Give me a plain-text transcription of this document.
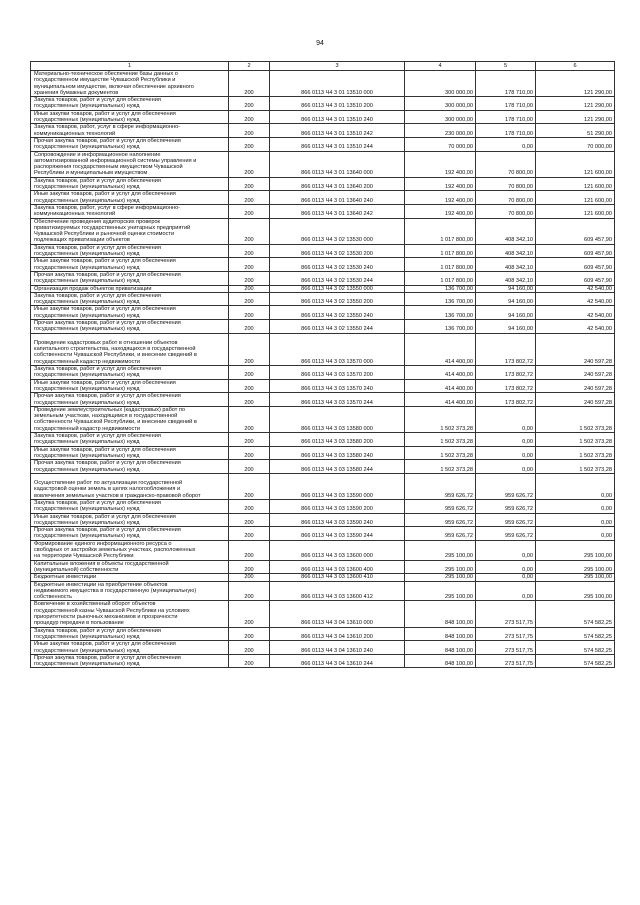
94
1	2	3	4	5	6
Материально-техническое обеспечение базы данных о
государственном имуществе Чувашской Республики и
муниципальном имуществе, включая обеспечение архивного
хранения бумажных документов	200	866 0113 Ч4 3 01 13510 000	300 000,00	178 710,00	121 290,00
Закупка товаров, работ и услуг для обеспечения
государственных (муниципальных) нужд	200	866 0113 Ч4 3 01 13510 200	300 000,00	178 710,00	121 290,00
Иные закупки товаров, работ и услуг для обеспечения
государственных (муниципальных) нужд	200	866 0113 Ч4 3 01 13510 240	300 000,00	178 710,00	121 290,00
Закупка товаров, работ, услуг в сфере информационно-
коммуникационных технологий	200	866 0113 Ч4 3 01 13510 242	230 000,00	178 710,00	51 290,00
Прочая закупка товаров, работ и услуг для обеспечения
государственных (муниципальных) нужд	200	866 0113 Ч4 3 01 13510 244	70 000,00	0,00	70 000,00
Сопровождение и информационное наполнение
автоматизированной информационной системы управления и
распоряжения государственным имуществом Чувашской
Республики и муниципальным имуществом	200	866 0113 Ч4 3 01 13640 000	192 400,00	70 800,00	121 600,00
Закупка товаров, работ и услуг для обеспечения
государственных (муниципальных) нужд	200	866 0113 Ч4 3 01 13640 200	192 400,00	70 800,00	121 600,00
Иные закупки товаров, работ и услуг для обеспечения
государственных (муниципальных) нужд	200	866 0113 Ч4 3 01 13640 240	192 400,00	70 800,00	121 600,00
Закупка товаров, работ, услуг в сфере информационно-
коммуникационных технологий	200	866 0113 Ч4 3 01 13640 242	192 400,00	70 800,00	121 600,00
Обеспечение проведения аудиторских проверок
приватизируемых государственных унитарных предприятий
Чувашской Республики и рыночной оценки стоимости
подлежащих приватизации объектов	200	866 0113 Ч4 3 02 13530 000	1 017 800,00	408 342,10	609 457,90
Закупка товаров, работ и услуг для обеспечения
государственных (муниципальных) нужд	200	866 0113 Ч4 3 02 13530 200	1 017 800,00	408 342,10	609 457,90
Иные закупки товаров, работ и услуг для обеспечения
государственных (муниципальных) нужд	200	866 0113 Ч4 3 02 13530 240	1 017 800,00	408 342,10	609 457,90
Прочая закупка товаров, работ и услуг для обеспечения
государственных (муниципальных) нужд	200	866 0113 Ч4 3 02 13530 244	1 017 800,00	408 342,10	609 457,90
Организация продаж объектов приватизации	200	866 0113 Ч4 3 02 13550 000	136 700,00	94 160,00	42 540,00
Закупка товаров, работ и услуг для обеспечения
государственных (муниципальных) нужд	200	866 0113 Ч4 3 02 13550 200	136 700,00	94 160,00	42 540,00
Иные закупки товаров, работ и услуг для обеспечения
государственных (муниципальных) нужд	200	866 0113 Ч4 3 02 13550 240	136 700,00	94 160,00	42 540,00
Прочая закупка товаров, работ и услуг для обеспечения
государственных (муниципальных) нужд	200	866 0113 Ч4 3 02 13550 244	136 700,00	94 160,00	42 540,00

Проведение кадастровых работ в отношении объектов
капитального строительства, находящихся в государственной
собственности Чувашской Республики, и внесение сведений в
государственный кадастр недвижимости	200	866 0113 Ч4 3 03 13570 000	414 400,00	173 802,72	240 597,28
Закупка товаров, работ и услуг для обеспечения
государственных (муниципальных) нужд	200	866 0113 Ч4 3 03 13570 200	414 400,00	173 802,72	240 597,28
Иные закупки товаров, работ и услуг для обеспечения
государственных (муниципальных) нужд	200	866 0113 Ч4 3 03 13570 240	414 400,00	173 802,72	240 597,28
Прочая закупка товаров, работ и услуг для обеспечения
государственных (муниципальных) нужд	200	866 0113 Ч4 3 03 13570 244	414 400,00	173 802,72	240 597,28
Проведение землеустроительных (кадастровых) работ по
земельным участкам, находящимся в государственной
собственности Чувашской Республики, и внесение сведений в
государственный кадастр недвижимости	200	866 0113 Ч4 3 03 13580 000	1 502 373,28	0,00	1 502 373,28
Закупка товаров, работ и услуг для обеспечения
государственных (муниципальных) нужд	200	866 0113 Ч4 3 03 13580 200	1 502 373,28	0,00	1 502 373,28
Иные закупки товаров, работ и услуг для обеспечения
государственных (муниципальных) нужд	200	866 0113 Ч4 3 03 13580 240	1 502 373,28	0,00	1 502 373,28
Прочая закупка товаров, работ и услуг для обеспечения
государственных (муниципальных) нужд	200	866 0113 Ч4 3 03 13580 244	1 502 373,28	0,00	1 502 373,28

Осуществление работ по актуализации государственной
кадастровой оценки земель в целях налогообложения и
вовлечения земельных участков в гражданско-правовой оборот	200	866 0113 Ч4 3 03 13590 000	959 626,72	959 626,72	0,00
Закупка товаров, работ и услуг для обеспечения
государственных (муниципальных) нужд	200	866 0113 Ч4 3 03 13590 200	959 626,72	959 626,72	0,00
Иные закупки товаров, работ и услуг для обеспечения
государственных (муниципальных) нужд	200	866 0113 Ч4 3 03 13590 240	959 626,72	959 626,72	0,00
Прочая закупка товаров, работ и услуг для обеспечения
государственных (муниципальных) нужд	200	866 0113 Ч4 3 03 13590 244	959 626,72	959 626,72	0,00
Формирование единого информационного ресурса о
свободных от застройки земельных участках, расположенных
на территории Чувашской Республики	200	866 0113 Ч4 3 03 13600 000	295 100,00	0,00	295 100,00
Капитальные вложения в объекты государственной
(муниципальной) собственности	200	866 0113 Ч4 3 03 13600 400	295 100,00	0,00	295 100,00
Бюджетные инвестиции	200	866 0113 Ч4 3 03 13600 410	295 100,00	0,00	295 100,00
Бюджетные инвестиции на приобретение объектов
недвижимого имущества в государственную (муниципальную)
собственность	200	866 0113 Ч4 3 03 13600 412	295 100,00	0,00	295 100,00
Вовлечение в хозяйственный оборот объектов
государственной казны Чувашской Республики на условиях
приоритетности рыночных механизмов и прозрачности
процедур передачи в пользование	200	866 0113 Ч4 3 04 13610 000	848 100,00	273 517,75	574 582,25
Закупка товаров, работ и услуг для обеспечения
государственных (муниципальных) нужд	200	866 0113 Ч4 3 04 13610 200	848 100,00	273 517,75	574 582,25
Иные закупки товаров, работ и услуг для обеспечения
государственных (муниципальных) нужд	200	866 0113 Ч4 3 04 13610 240	848 100,00	273 517,75	574 582,25
Прочая закупка товаров, работ и услуг для обеспечения
государственных (муниципальных) нужд	200	866 0113 Ч4 3 04 13610 244	848 100,00	273 517,75	574 582,25
